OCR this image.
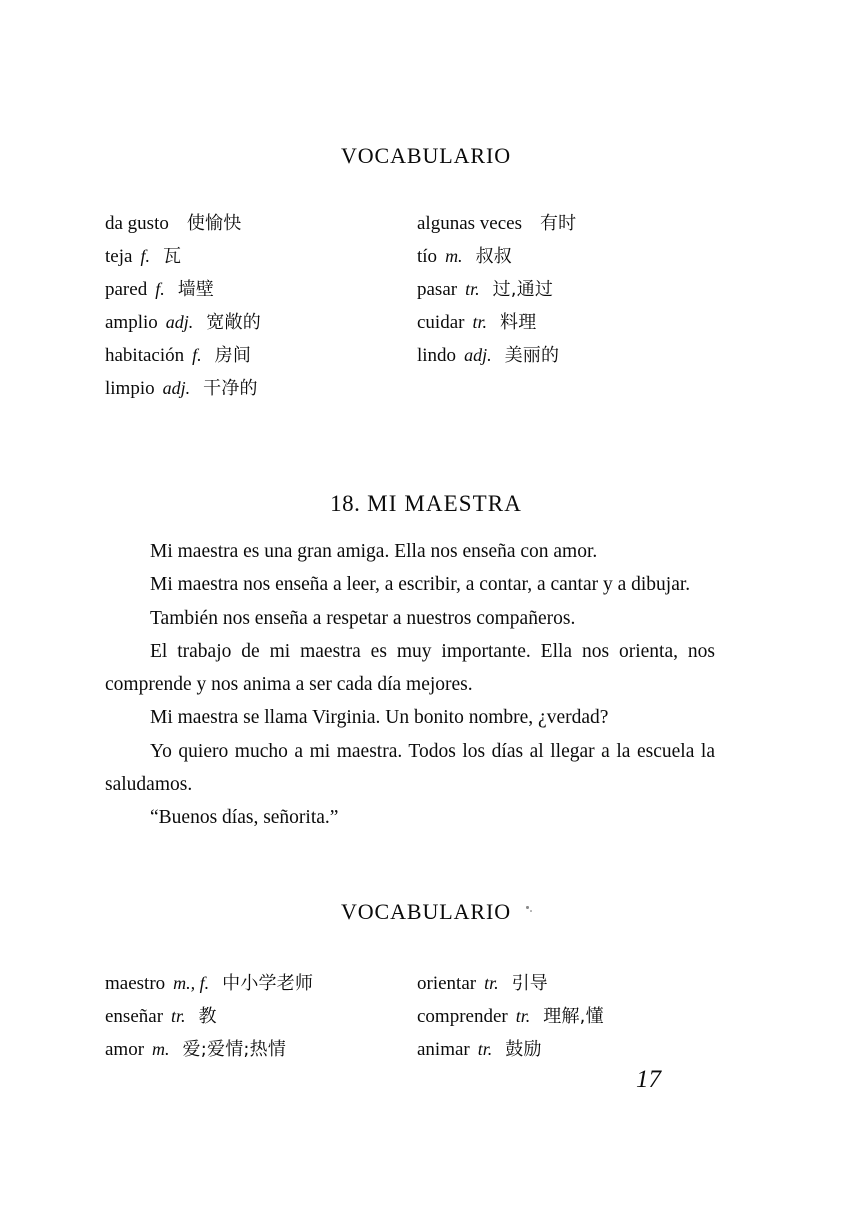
VOCABULARIO
da gusto 使愉快
teja f. 瓦
pared f. 墙壁
amplio adj. 宽敞的
habitación f. 房间
limpio adj. 干净的
algunas veces 有时
tío m. 叔叔
pasar tr. 过,通过
cuidar tr. 料理
lindo adj. 美丽的
18. MI MAESTRA

Mi maestra es una gran amiga. Ella nos enseña con amor.

Mi maestra nos enseña a leer, a escribir, a contar, a cantar y a dibujar.

También nos enseña a respetar a nuestros compañeros.

El trabajo de mi maestra es muy importante. Ella nos orienta, nos comprende y nos anima a ser cada día mejores.

Mi maestra se llama Virginia. Un bonito nombre, ¿verdad?

Yo quiero mucho a mi maestra. Todos los días al llegar a la escuela la saludamos.

“Buenos días, señorita.”

VOCABULARIO
maestro m., f. 中小学老师
enseñar tr. 教
amor m. 爱;爱情;热情
orientar tr. 引导
comprender tr. 理解,懂
animar tr. 鼓励
17
